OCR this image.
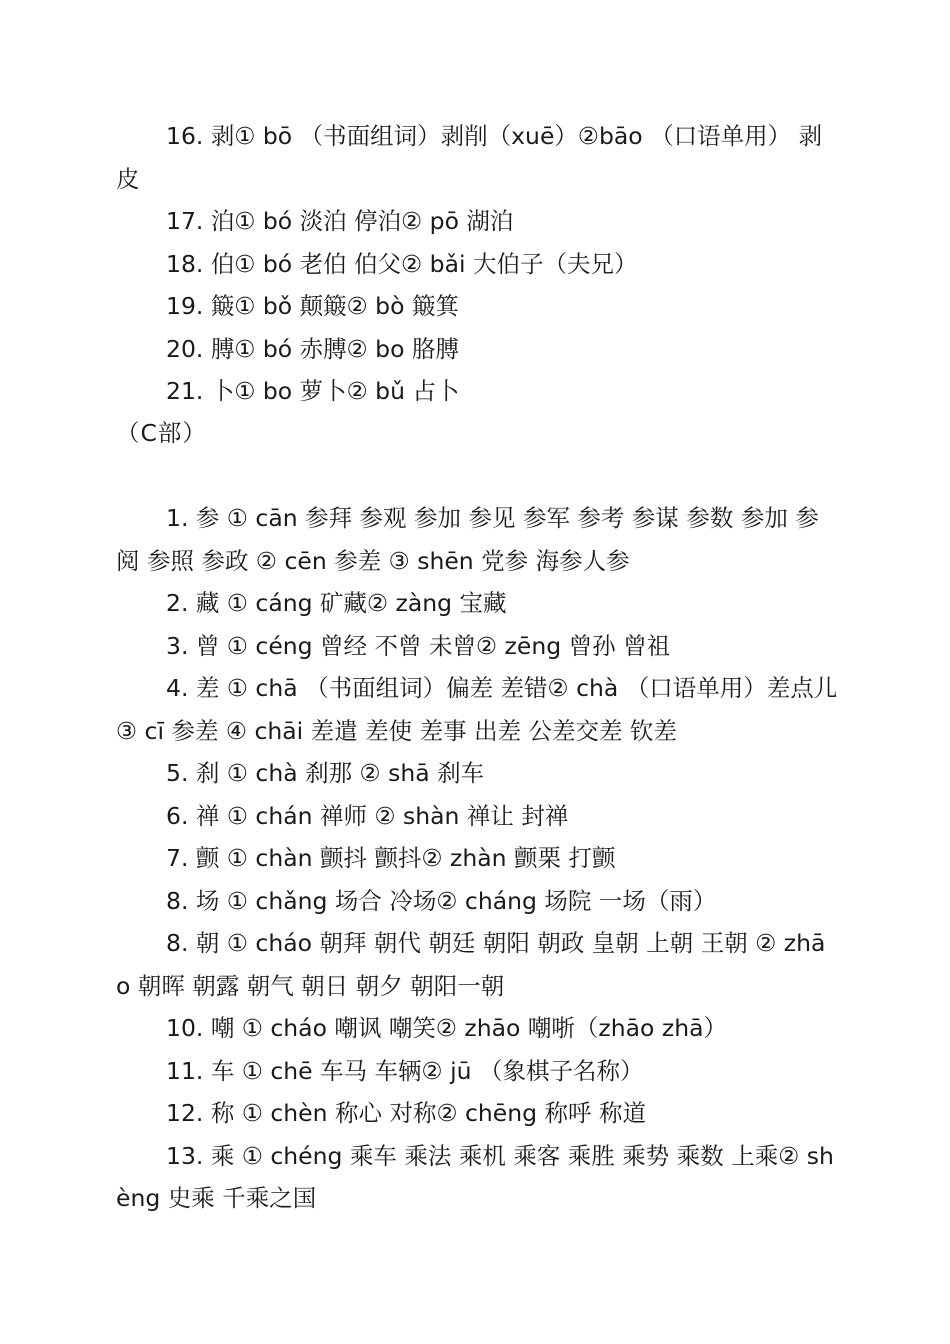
16. 剥① bō （书面组词）剥削（xuē）②bāo （口语单用） 剥皮

17. 泊① bó 淡泊 停泊② pō 湖泊

18. 伯① bó 老伯 伯父② bǎi 大伯子（夫兄）

19. 簸① bǒ 颠簸② bò 簸箕

20. 膊① bó 赤膊② bo 胳膊

21. 卜① bo 萝卜② bǔ 占卜

（C部）

1. 参 ① cān 参拜 参观 参加 参见 参军 参考 参谋 参数 参加 参阅 参照 参政 ② cēn 参差 ③ shēn 党参 海参人参

2. 藏 ① cáng 矿藏② zàng 宝藏

3. 曾 ① céng 曾经 不曾 未曾② zēng 曾孙 曾祖

4. 差 ① chā （书面组词）偏差 差错② chà （口语单用）差点儿 ③ cī 参差 ④ chāi 差遣 差使 差事 出差 公差交差 钦差

5. 刹 ① chà 刹那 ② shā 刹车

6. 禅 ① chán 禅师 ② shàn 禅让 封禅

7. 颤 ① chàn 颤抖 颤抖② zhàn 颤栗 打颤

8. 场 ① chǎng 场合 冷场② cháng 场院 一场（雨）

8. 朝 ① cháo 朝拜 朝代 朝廷 朝阳 朝政 皇朝 上朝 王朝 ② zhāo 朝晖 朝露 朝气 朝日 朝夕 朝阳一朝

10. 嘲 ① cháo 嘲讽 嘲笑② zhāo 嘲哳（zhāo zhā）

11. 车 ① chē 车马 车辆② jū （象棋子名称）

12. 称 ① chèn 称心 对称② chēng 称呼 称道

13. 乘 ① chéng 乘车 乘法 乘机 乘客 乘胜 乘势 乘数 上乘② shèng 史乘 千乘之国
